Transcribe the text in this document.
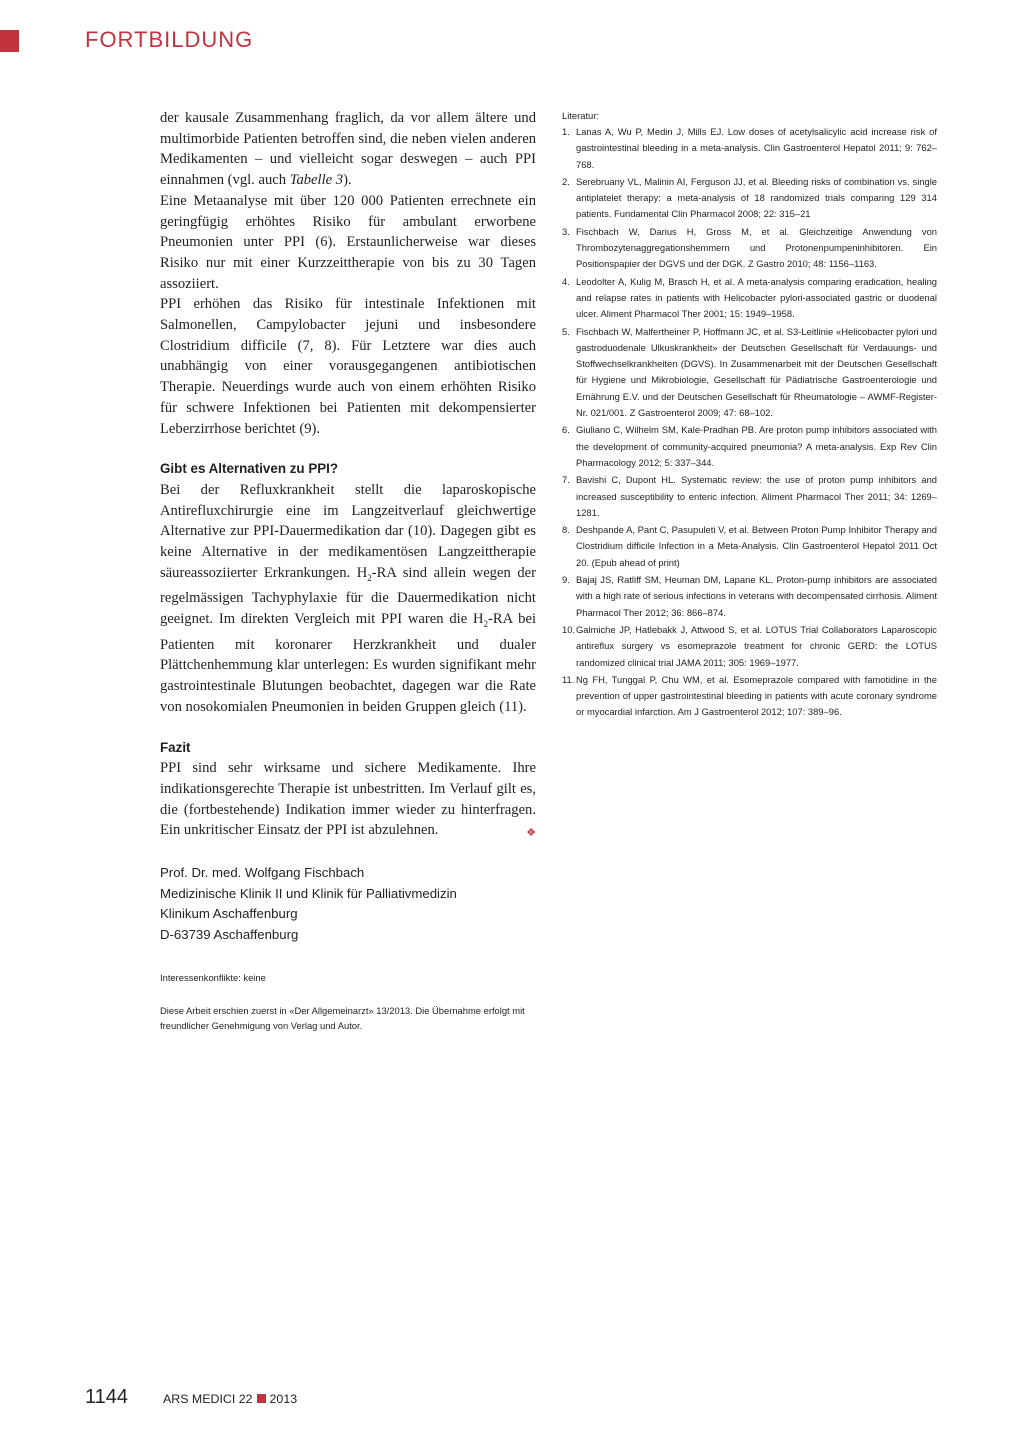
FORTBILDUNG

der kausale Zusammenhang fraglich, da vor allem ältere und multimorbide Patienten betroffen sind, die neben vielen anderen Medikamenten – und vielleicht sogar deswegen – auch PPI einnahmen (vgl. auch Tabelle 3).

Eine Metaanalyse mit über 120 000 Patienten errechnete ein geringfügig erhöhtes Risiko für ambulant erworbene Pneumonien unter PPI (6). Erstaunlicherweise war dieses Risiko nur mit einer Kurzzeittherapie von bis zu 30 Tagen assoziiert.

PPI erhöhen das Risiko für intestinale Infektionen mit Salmonellen, Campylobacter jejuni und insbesondere Clostridium difficile (7, 8). Für Letztere war dies auch unabhängig von einer vorausgegangenen antibiotischen Therapie. Neuerdings wurde auch von einem erhöhten Risiko für schwere Infektionen bei Patienten mit dekompensierter Leberzirrhose berichtet (9).

Gibt es Alternativen zu PPI?

Bei der Refluxkrankheit stellt die laparoskopische Antirefluxchirurgie eine im Langzeitverlauf gleichwertige Alternative zur PPI-Dauermedikation dar (10). Dagegen gibt es keine Alternative in der medikamentösen Langzeittherapie säureassoziierter Erkrankungen. $H_2-RA$ sind allein wegen der regelmässigen Tachyphylaxie für die Dauermedikation nicht geeignet. Im direkten Vergleich mit PPI waren die $H_2-RA$ bei Patienten mit koronarer Herzkrankheit und dualer Plättchenhemmung klar unterlegen: Es wurden signifikant mehr gastrointestinale Blutungen beobachtet, dagegen war die Rate von nosokomialen Pneumonien in beiden Gruppen gleich (11).

Fazit

PPI sind sehr wirksame und sichere Medikamente. Ihre indikationsgerechte Therapie ist unbestritten. Im Verlauf gilt es, die (fortbestehende) Indikation immer wieder zu hinterfragen. Ein unkritischer Einsatz der PPI ist abzulehnen.	❖

Prof. Dr. med. Wolfgang Fischbach

Medizinische Klinik II und Klinik für Palliativmedizin

Klinikum Aschaffenburg

D-63739 Aschaffenburg

Interessenkonflikte: keine

Diese Arbeit erschien zuerst in «Der Allgemeinarzt» 13/2013. Die Übernahme erfolgt mit freundlicher Genehmigung von Verlag und Autor.

Literatur:

1. Lanas A, Wu P, Medin J, Mills EJ. Low doses of acetylsalicylic acid increase risk of gastrointestinal bleeding in a meta-analysis. Clin Gastroenterol Hepatol 2011; 9: 762–768.
2. Serebruany VL, Malinin AI, Ferguson JJ, et al. Bleeding risks of combination vs. single antiplatelet therapy: a meta-analysis of 18 randomized trials comparing 129 314 patients. Fundamental Clin Pharmacol 2008; 22: 315–21
3. Fischbach W, Darius H, Gross M, et al. Gleichzeitige Anwendung von Thrombozytenaggregationshemmern und Protonenpumpeninhibitoren. Ein Positionspapier der DGVS und der DGK. Z Gastro 2010; 48: 1156–1163.
4. Leodolter A, Kulig M, Brasch H, et al. A meta-analysis comparing eradication, healing and relapse rates in patients with Helicobacter pylori-associated gastric or duodenal ulcer. Aliment Pharmacol Ther 2001; 15: 1949–1958.
5. Fischbach W, Malfertheiner P, Hoffmann JC, et al. S3-Leitlinie «Helicobacter pylori und gastroduodenale Ulkuskrankheit» der Deutschen Gesellschaft für Verdauungs- und Stoffwechselkrankheiten (DGVS). In Zusammenarbeit mit der Deutschen Gesellschaft für Hygiene und Mikrobiologie, Gesellschaft für Pädiatrische Gastroenterologie und Ernährung E.V. und der Deutschen Gesellschaft für Rheumatologie – AWMF-Register-Nr. 021/001. Z Gastroenterol 2009; 47: 68–102.
6. Giuliano C, Wilhelm SM, Kale-Pradhan PB. Are proton pump inhibitors associated with the development of community-acquired pneumonia? A meta-analysis. Exp Rev Clin Pharmacology 2012; 5: 337–344.
7. Bavishi C, Dupont HL. Systematic review: the use of proton pump inhibitors and increased susceptibility to enteric infection. Aliment Pharmacol Ther 2011; 34: 1269–1281.
8. Deshpande A, Pant C, Pasupuleti V, et al. Between Proton Pump Inhibitor Therapy and Clostridium difficile Infection in a Meta-Analysis. Clin Gastroenterol Hepatol 2011 Oct 20. (Epub ahead of print)
9. Bajaj JS, Ratliff SM, Heuman DM, Lapane KL. Proton-pump inhibitors are associated with a high rate of serious infections in veterans with decompensated cirrhosis. Aliment Pharmacol Ther 2012; 36: 866–874.
10. Galmiche JP, Hatlebakk J, Attwood S, et al. LOTUS Trial Collaborators Laparoscopic antireflux surgery vs esomeprazole treatment for chronic GERD: the LOTUS randomized clinical trial JAMA 2011; 305: 1969–1977.
11. Ng FH, Tunggal P, Chu WM, et al. Esomeprazole compared with famotidine in the prevention of upper gastrointestinal bleeding in patients with acute coronary syndrome or myocardial infarction. Am J Gastroenterol 2012; 107: 389–96.
1144	ARS MEDICI 22 2013
